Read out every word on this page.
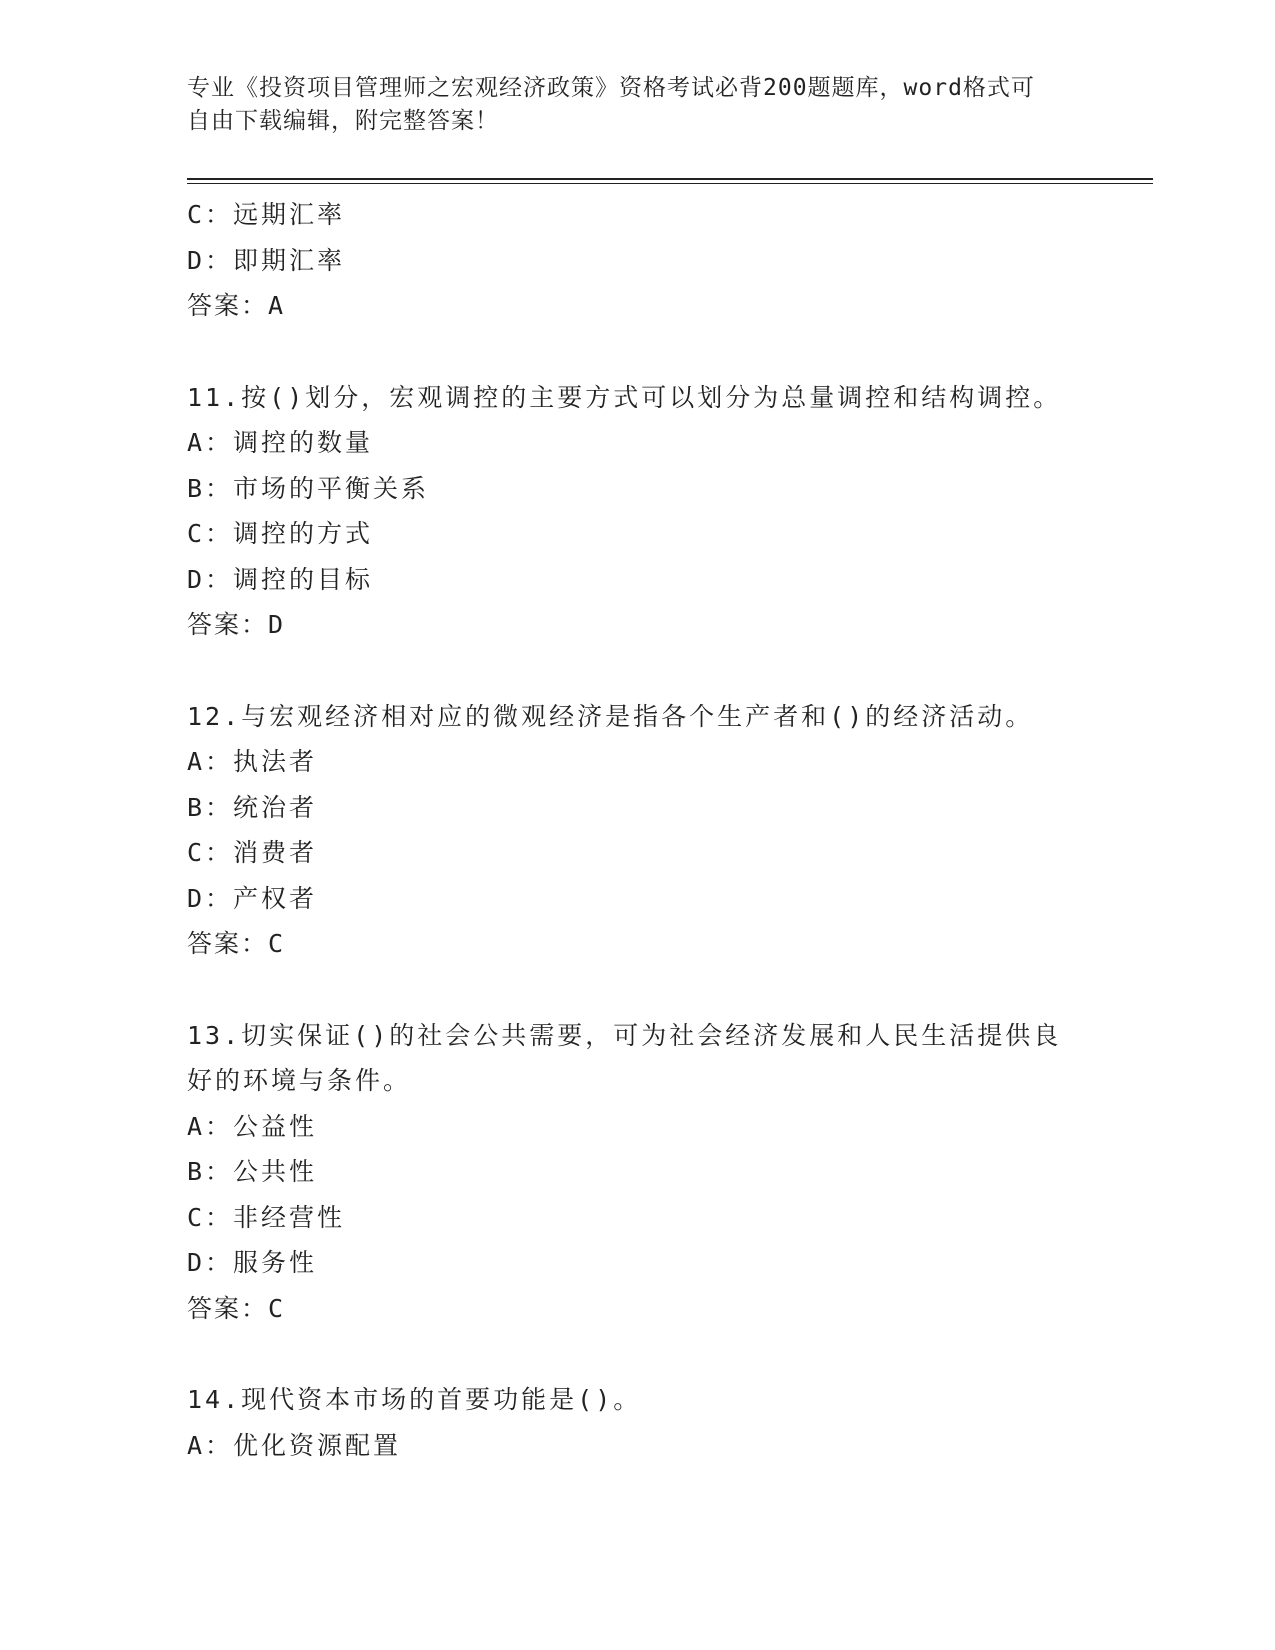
专业《投资项目管理师之宏观经济政策》资格考试必背200题题库，word格式可
自由下载编辑，附完整答案！
C：远期汇率
D：即期汇率
答案：A
11.按()划分，宏观调控的主要方式可以划分为总量调控和结构调控。
A：调控的数量
B：市场的平衡关系
C：调控的方式
D：调控的目标
答案：D
12.与宏观经济相对应的微观经济是指各个生产者和()的经济活动。
A：执法者
B：统治者
C：消费者
D：产权者
答案：C
13.切实保证()的社会公共需要，可为社会经济发展和人民生活提供良
好的环境与条件。
A：公益性
B：公共性
C：非经营性
D：服务性
答案：C
14.现代资本市场的首要功能是()。
A：优化资源配置
